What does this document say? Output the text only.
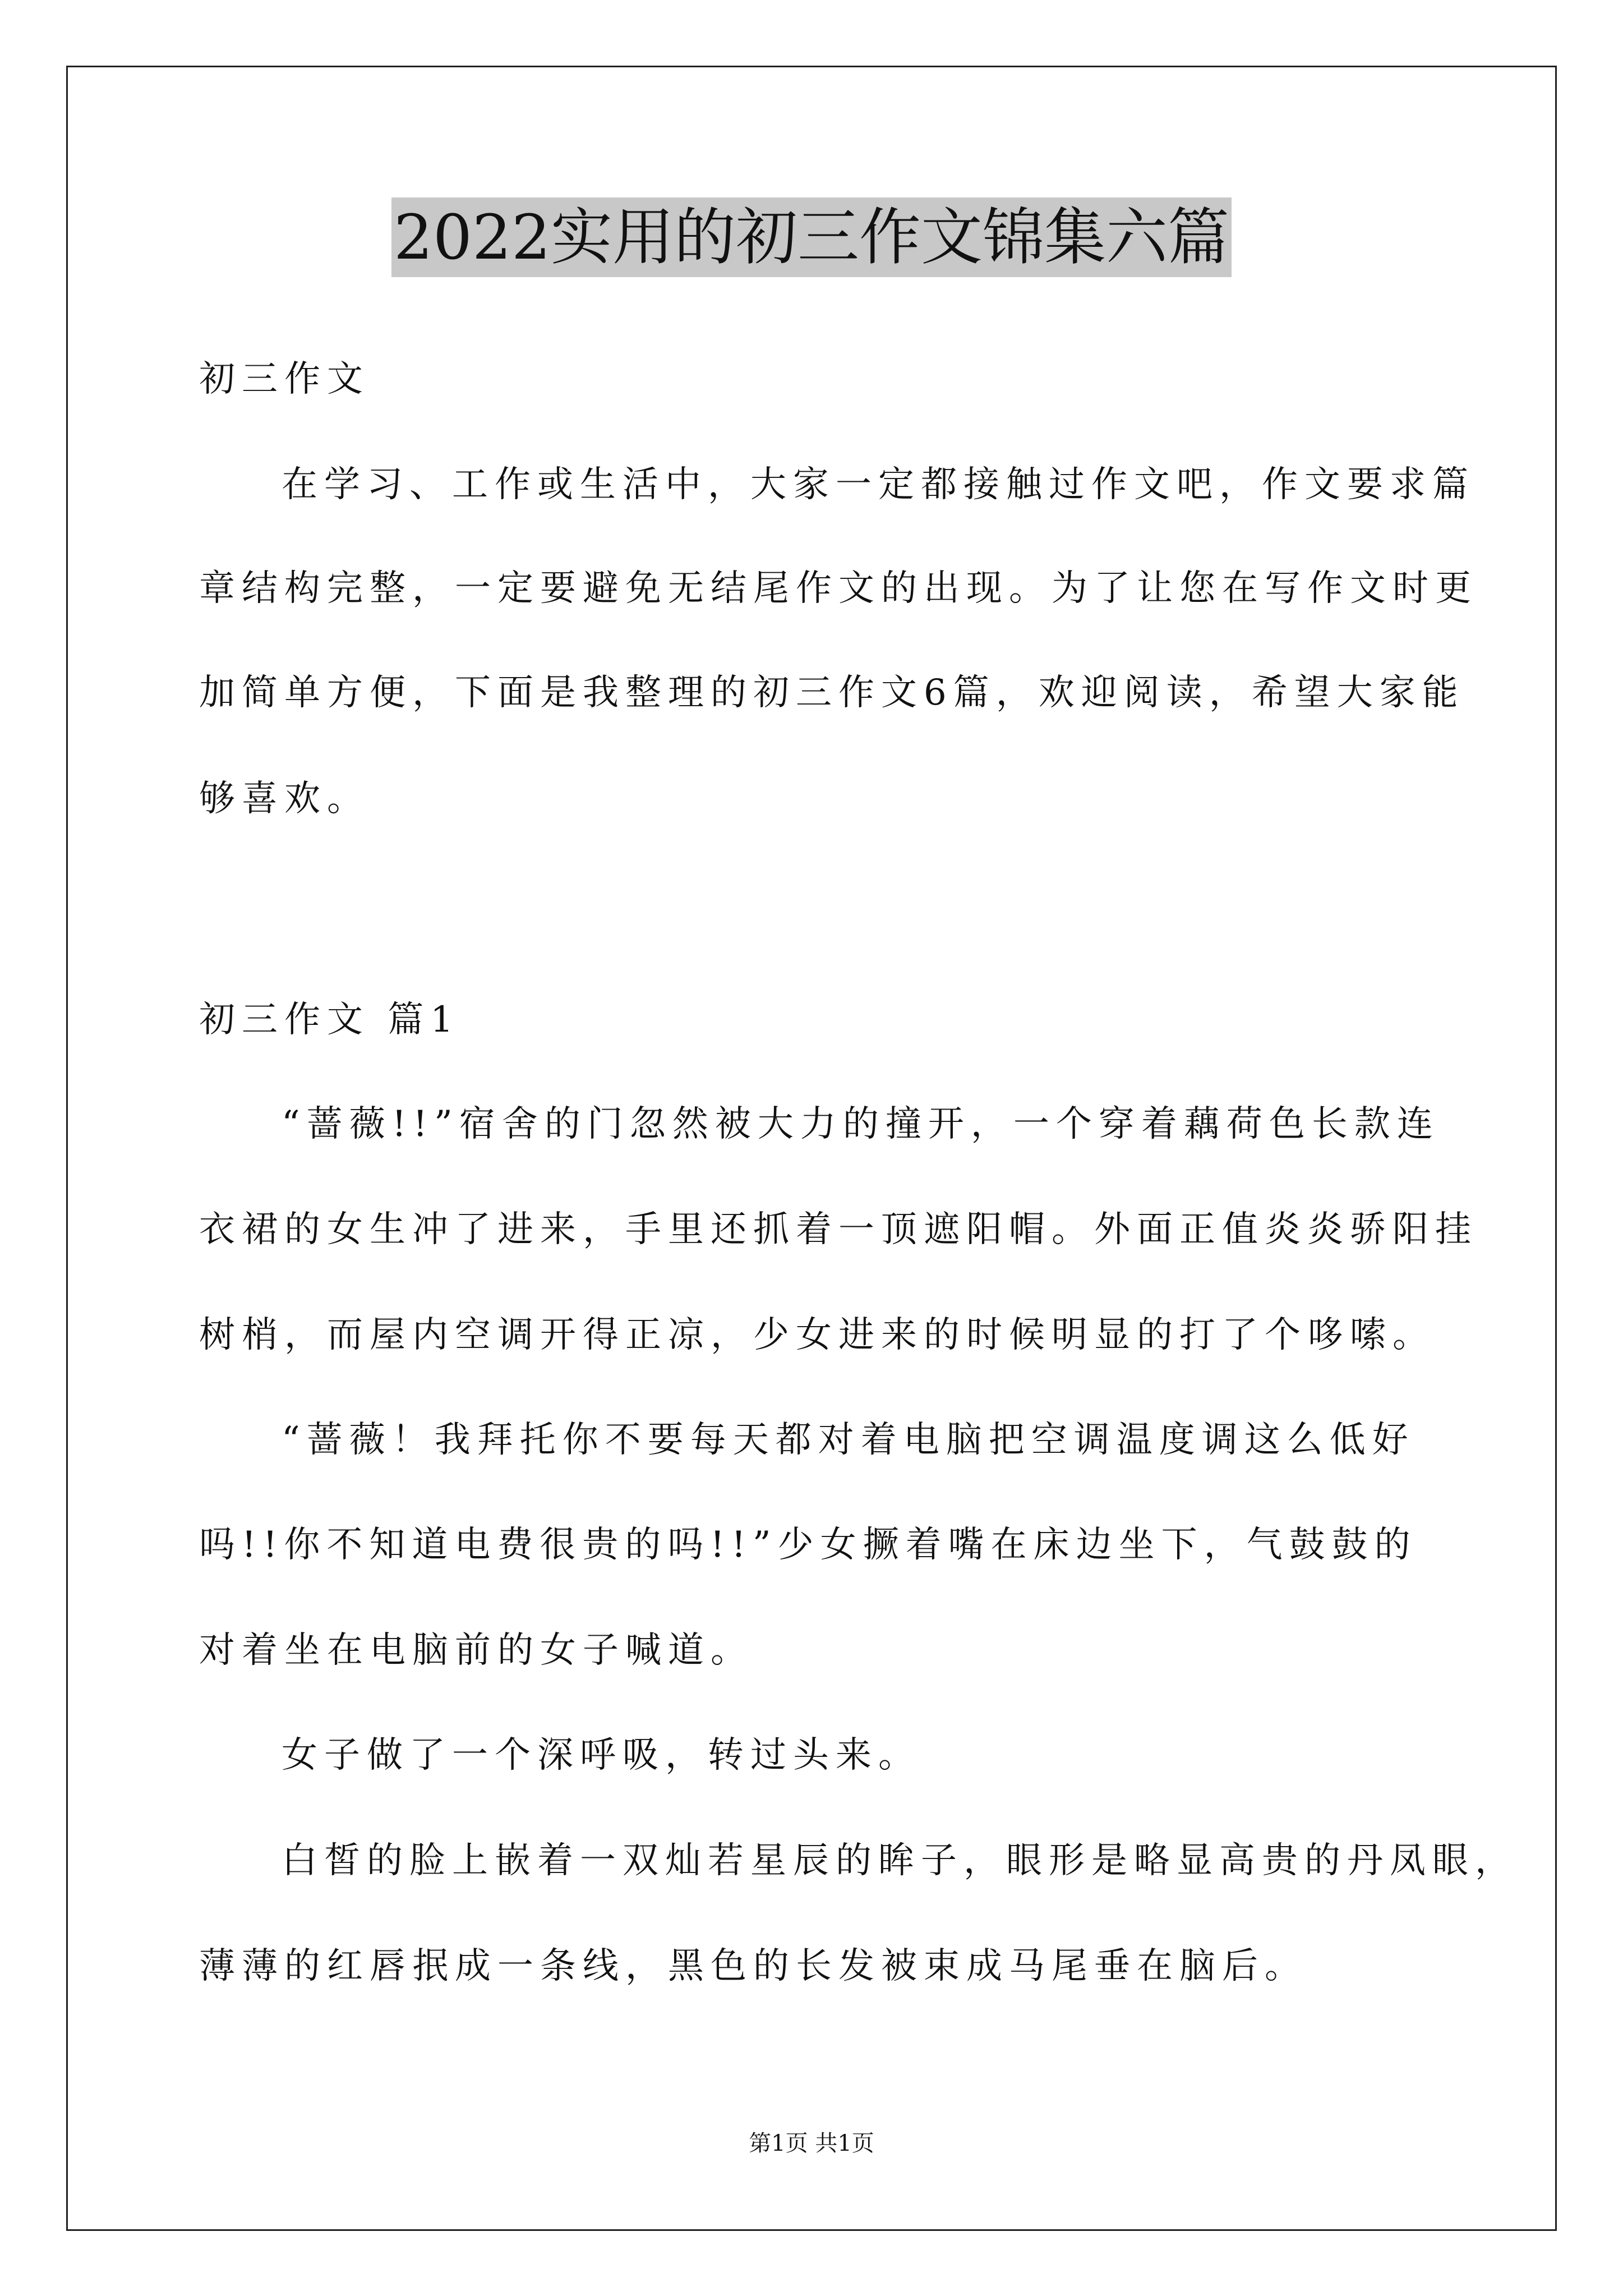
2022实用的初三作文锦集六篇
初三作文
在学习、工作或生活中，大家一定都接触过作文吧，作文要求篇
章结构完整，一定要避免无结尾作文的出现。为了让您在写作文时更
加简单方便，下面是我整理的初三作文6篇，欢迎阅读，希望大家能
够喜欢。
初三作文 篇1
“蔷薇!!”宿舍的门忽然被大力的撞开，一个穿着藕荷色长款连
衣裙的女生冲了进来，手里还抓着一顶遮阳帽。外面正值炎炎骄阳挂
树梢，而屋内空调开得正凉，少女进来的时候明显的打了个哆嗦。
“蔷薇！我拜托你不要每天都对着电脑把空调温度调这么低好
吗!!你不知道电费很贵的吗!!”少女撅着嘴在床边坐下，气鼓鼓的
对着坐在电脑前的女子喊道。
女子做了一个深呼吸，转过头来。
白皙的脸上嵌着一双灿若星辰的眸子，眼形是略显高贵的丹凤眼，
薄薄的红唇抿成一条线，黑色的长发被束成马尾垂在脑后。
第1页 共1页
